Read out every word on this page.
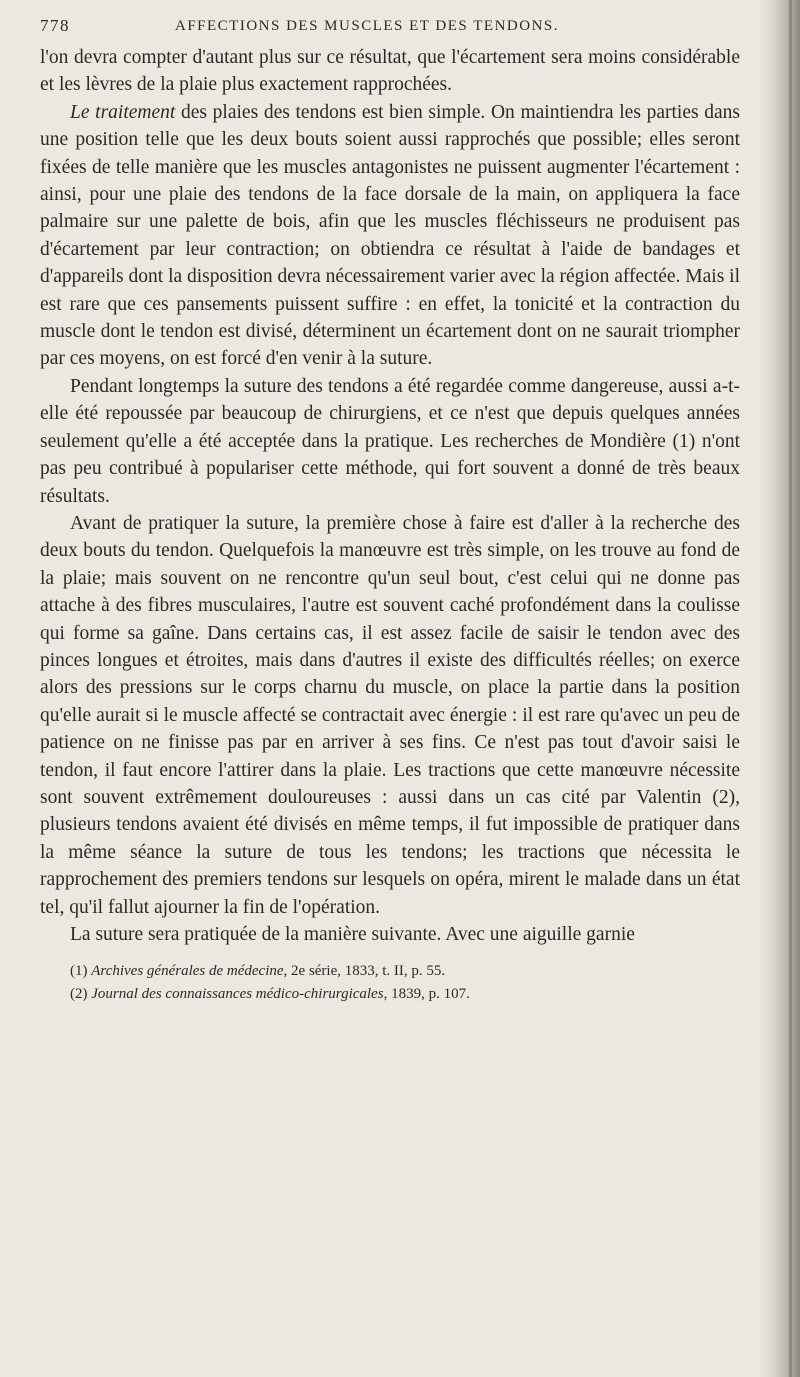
778	AFFECTIONS DES MUSCLES ET DES TENDONS.

l'on devra compter d'autant plus sur ce résultat, que l'écartement sera moins considérable et les lèvres de la plaie plus exactement rapprochées.

Le traitement des plaies des tendons est bien simple. On maintiendra les parties dans une position telle que les deux bouts soient aussi rapprochés que possible; elles seront fixées de telle manière que les muscles antagonistes ne puissent augmenter l'écartement : ainsi, pour une plaie des tendons de la face dorsale de la main, on appliquera la face palmaire sur une palette de bois, afin que les muscles fléchisseurs ne produisent pas d'écartement par leur contraction; on obtiendra ce résultat à l'aide de bandages et d'appareils dont la disposition devra nécessairement varier avec la région affectée. Mais il est rare que ces pansements puissent suffire : en effet, la tonicité et la contraction du muscle dont le tendon est divisé, déterminent un écartement dont on ne saurait triompher par ces moyens, on est forcé d'en venir à la suture.

Pendant longtemps la suture des tendons a été regardée comme dangereuse, aussi a-t-elle été repoussée par beaucoup de chirurgiens, et ce n'est que depuis quelques années seulement qu'elle a été acceptée dans la pratique. Les recherches de Mondière (1) n'ont pas peu contribué à populariser cette méthode, qui fort souvent a donné de très beaux résultats.

Avant de pratiquer la suture, la première chose à faire est d'aller à la recherche des deux bouts du tendon. Quelquefois la manœuvre est très simple, on les trouve au fond de la plaie; mais souvent on ne rencontre qu'un seul bout, c'est celui qui ne donne pas attache à des fibres musculaires, l'autre est souvent caché profondément dans la coulisse qui forme sa gaîne. Dans certains cas, il est assez facile de saisir le tendon avec des pinces longues et étroites, mais dans d'autres il existe des difficultés réelles; on exerce alors des pressions sur le corps charnu du muscle, on place la partie dans la position qu'elle aurait si le muscle affecté se contractait avec énergie : il est rare qu'avec un peu de patience on ne finisse pas par en arriver à ses fins. Ce n'est pas tout d'avoir saisi le tendon, il faut encore l'attirer dans la plaie. Les tractions que cette manœuvre nécessite sont souvent extrêmement douloureuses : aussi dans un cas cité par Valentin (2), plusieurs tendons avaient été divisés en même temps, il fut impossible de pratiquer dans la même séance la suture de tous les tendons; les tractions que nécessita le rapprochement des premiers tendons sur lesquels on opéra, mirent le malade dans un état tel, qu'il fallut ajourner la fin de l'opération.

La suture sera pratiquée de la manière suivante. Avec une aiguille garnie

(1) Archives générales de médecine, 2e série, 1833, t. II, p. 55.
(2) Journal des connaissances médico-chirurgicales, 1839, p. 107.
